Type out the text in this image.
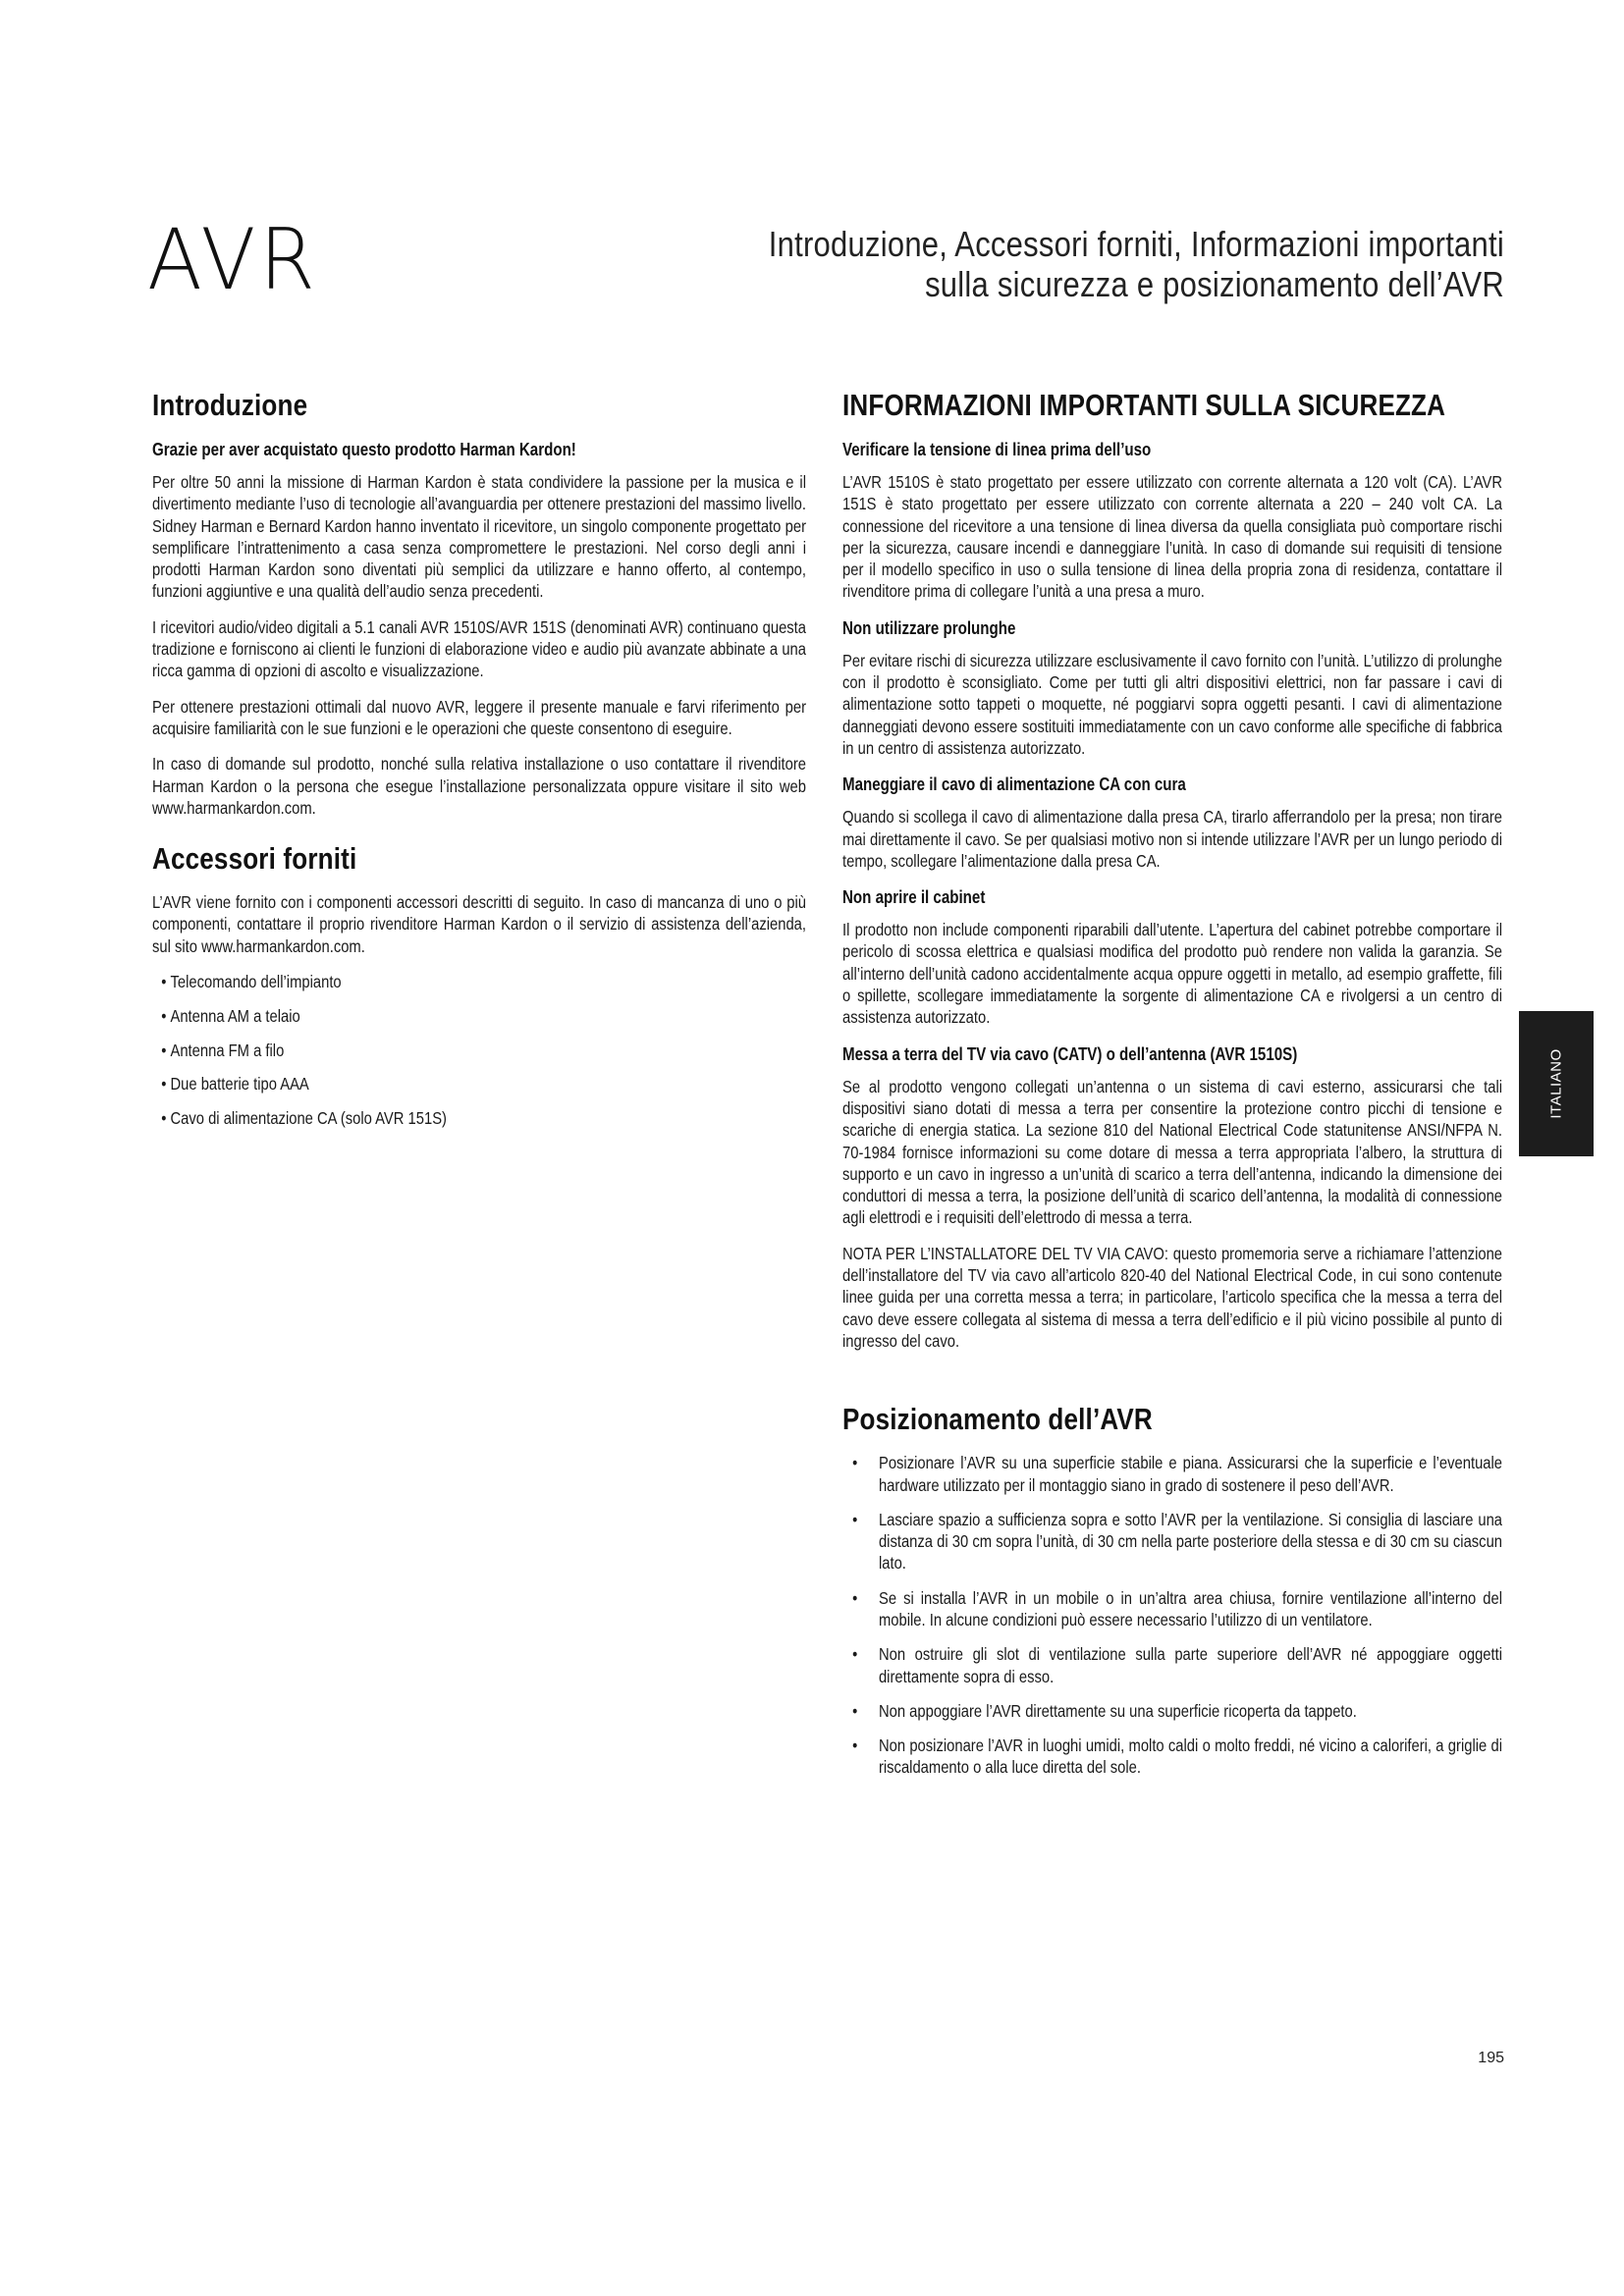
AVR	Introduzione, Accessori forniti, Informazioni importanti
sulla sicurezza e posizionamento dell’AVR
Introduzione
Grazie per aver acquistato questo prodotto Harman Kardon!

Per oltre 50 anni la missione di Harman Kardon è stata condividere la passione per la musica e il divertimento mediante l’uso di tecnologie all’avanguardia per ottenere prestazioni del massimo livello. Sidney Harman e Bernard Kardon hanno inventato il ricevitore, un singolo componente progettato per semplificare l’intrattenimento a casa senza compromettere le prestazioni. Nel corso degli anni i prodotti Harman Kardon sono diventati più semplici da utilizzare e hanno offerto, al contempo, funzioni aggiuntive e una qualità dell’audio senza precedenti.

I ricevitori audio/video digitali a 5.1 canali AVR 1510S/AVR 151S (denominati AVR) continuano questa tradizione e forniscono ai clienti le funzioni di elaborazione video e audio più avanzate abbinate a una ricca gamma di opzioni di ascolto e visualizzazione.

Per ottenere prestazioni ottimali dal nuovo AVR, leggere il presente manuale e farvi riferimento per acquisire familiarità con le sue funzioni e le operazioni che queste consentono di eseguire.

In caso di domande sul prodotto, nonché sulla relativa installazione o uso contattare il rivenditore Harman Kardon o la persona che esegue l’installazione personalizzata oppure visitare il sito web www.harmankardon.com.

Accessori forniti

L’AVR viene fornito con i componenti accessori descritti di seguito. In caso di mancanza di uno o più componenti, contattare il proprio rivenditore Harman Kardon o il servizio di assistenza dell’azienda, sul sito www.harmankardon.com.

• Telecomando dell’impianto
• Antenna AM a telaio
• Antenna FM a filo
• Due batterie tipo AAA
• Cavo di alimentazione CA (solo AVR 151S)
INFORMAZIONI IMPORTANTI SULLA SICUREZZA
Verificare la tensione di linea prima dell’uso

L’AVR 1510S è stato progettato per essere utilizzato con corrente alternata a 120 volt (CA). L’AVR 151S è stato progettato per essere utilizzato con corrente alternata a 220 – 240 volt CA. La connessione del ricevitore a una tensione di linea diversa da quella consigliata può comportare rischi per la sicurezza, causare incendi e danneggiare l’unità. In caso di domande sui requisiti di tensione per il modello specifico in uso o sulla tensione di linea della propria zona di residenza, contattare il rivenditore prima di collegare l’unità a una presa a muro.

Non utilizzare prolunghe

Per evitare rischi di sicurezza utilizzare esclusivamente il cavo fornito con l’unità. L’utilizzo di prolunghe con il prodotto è sconsigliato. Come per tutti gli altri dispositivi elettrici, non far passare i cavi di alimentazione sotto tappeti o moquette, né poggiarvi sopra oggetti pesanti. I cavi di alimentazione danneggiati devono essere sostituiti immediatamente con un cavo conforme alle specifiche di fabbrica in un centro di assistenza autorizzato.

Maneggiare il cavo di alimentazione CA con cura

Quando si scollega il cavo di alimentazione dalla presa CA, tirarlo afferrandolo per la presa; non tirare mai direttamente il cavo. Se per qualsiasi motivo non si intende utilizzare l’AVR per un lungo periodo di tempo, scollegare l’alimentazione dalla presa CA.

Non aprire il cabinet

Il prodotto non include componenti riparabili dall’utente. L’apertura del cabinet potrebbe comportare il pericolo di scossa elettrica e qualsiasi modifica del prodotto può rendere non valida la garanzia. Se all’interno dell’unità cadono accidentalmente acqua oppure oggetti in metallo, ad esempio graffette, fili o spillette, scollegare immediatamente la sorgente di alimentazione CA e rivolgersi a un centro di assistenza autorizzato.

Messa a terra del TV via cavo (CATV) o dell’antenna (AVR 1510S)

Se al prodotto vengono collegati un’antenna o un sistema di cavi esterno, assicurarsi che tali dispositivi siano dotati di messa a terra per consentire la protezione contro picchi di tensione e scariche di energia statica. La sezione 810 del National Electrical Code statunitense ANSI/NFPA N. 70-1984 fornisce informazioni su come dotare di messa a terra appropriata l’albero, la struttura di supporto e un cavo in ingresso a un’unità di scarico a terra dell’antenna, indicando la dimensione dei conduttori di messa a terra, la posizione dell’unità di scarico dell’antenna, la modalità di connessione agli elettrodi e i requisiti dell’elettrodo di messa a terra.

NOTA PER L’INSTALLATORE DEL TV VIA CAVO: questo promemoria serve a richiamare l’attenzione dell’installatore del TV via cavo all’articolo 820-40 del National Electrical Code, in cui sono contenute linee guida per una corretta messa a terra; in particolare, l’articolo specifica che la messa a terra del cavo deve essere collegata al sistema di messa a terra dell’edificio e il più vicino possibile al punto di ingresso del cavo.

Posizionamento dell’AVR
• Posizionare l’AVR su una superficie stabile e piana. Assicurarsi che la superficie e l’eventuale hardware utilizzato per il montaggio siano in grado di sostenere il peso dell’AVR.
• Lasciare spazio a sufficienza sopra e sotto l’AVR per la ventilazione. Si consiglia di lasciare una distanza di 30 cm sopra l’unità, di 30 cm nella parte posteriore della stessa e di 30 cm su ciascun lato.
• Se si installa l’AVR in un mobile o in un’altra area chiusa, fornire ventilazione all’interno del mobile. In alcune condizioni può essere necessario l’utilizzo di un ventilatore.
• Non ostruire gli slot di ventilazione sulla parte superiore dell’AVR né appoggiare oggetti direttamente sopra di esso.
• Non appoggiare l’AVR direttamente su una superficie ricoperta da tappeto.
• Non posizionare l’AVR in luoghi umidi, molto caldi o molto freddi, né vicino a caloriferi, a griglie di riscaldamento o alla luce diretta del sole.
ITALIANO
195
